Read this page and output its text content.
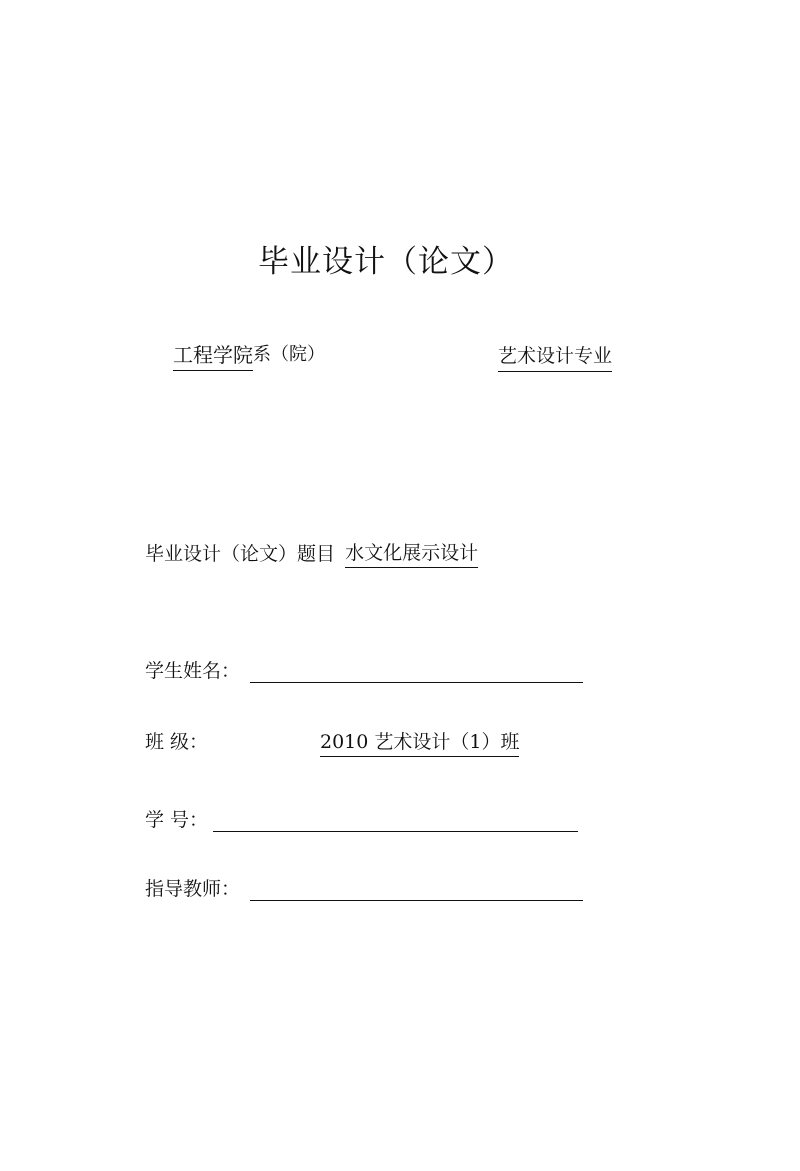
毕业设计（论文）
工程学院系（院）	艺术设计专业
毕业设计（论文）题目 水文化展示设计
学生姓名：
班 级：	2010 艺术设计（1）班
学 号：
指导教师：
